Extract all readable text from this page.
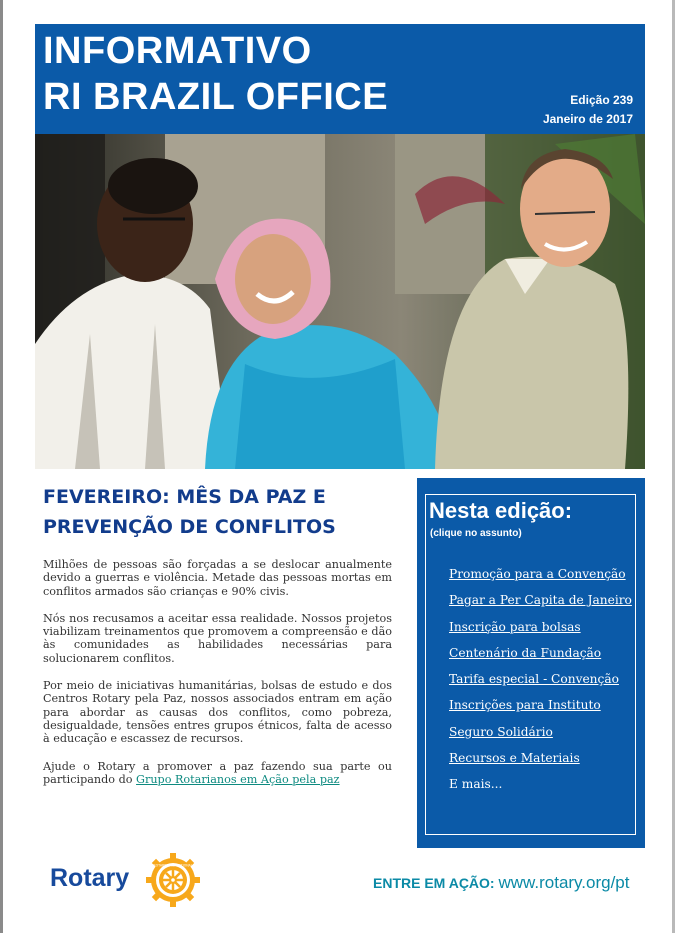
INFORMATIVO
RI BRAZIL OFFICE	Edição 239
Janeiro de 2017
FEVEREIRO: MÊS DA PAZ E
PREVENÇÃO DE CONFLITOS

Milhões de pessoas são forçadas a se deslocar anualmente devido a guerras e violência. Metade das pessoas mortas em conflitos armados são crianças e 90% civis.

Nós nos recusamos a aceitar essa realidade. Nossos projetos viabilizam treinamentos que promovem a compreensão e dão às comunidades as habilidades necessárias para solucionarem conflitos.

Por meio de iniciativas humanitárias, bolsas de estudo e dos Centros Rotary pela Paz, nossos associados entram em ação para abordar as causas dos conflitos, como pobreza, desigualdade, tensões entres grupos étnicos, falta de acesso à educação e escassez de recursos.

Ajude o Rotary a promover a paz fazendo sua parte ou participando do Grupo Rotarianos em Ação pela paz

Nesta edição:
(clique no assunto)
Promoção para a Convenção
Pagar a Per Capita de Janeiro
Inscrição para bolsas
Centenário da Fundação
Tarifa especial - Convenção
Inscrições para Instituto
Seguro Solidário
Recursos e Materiais
E mais...
Rotary	ROTARY INTERNATIONAL
ENTRE EM AÇÃO: www.rotary.org/pt
